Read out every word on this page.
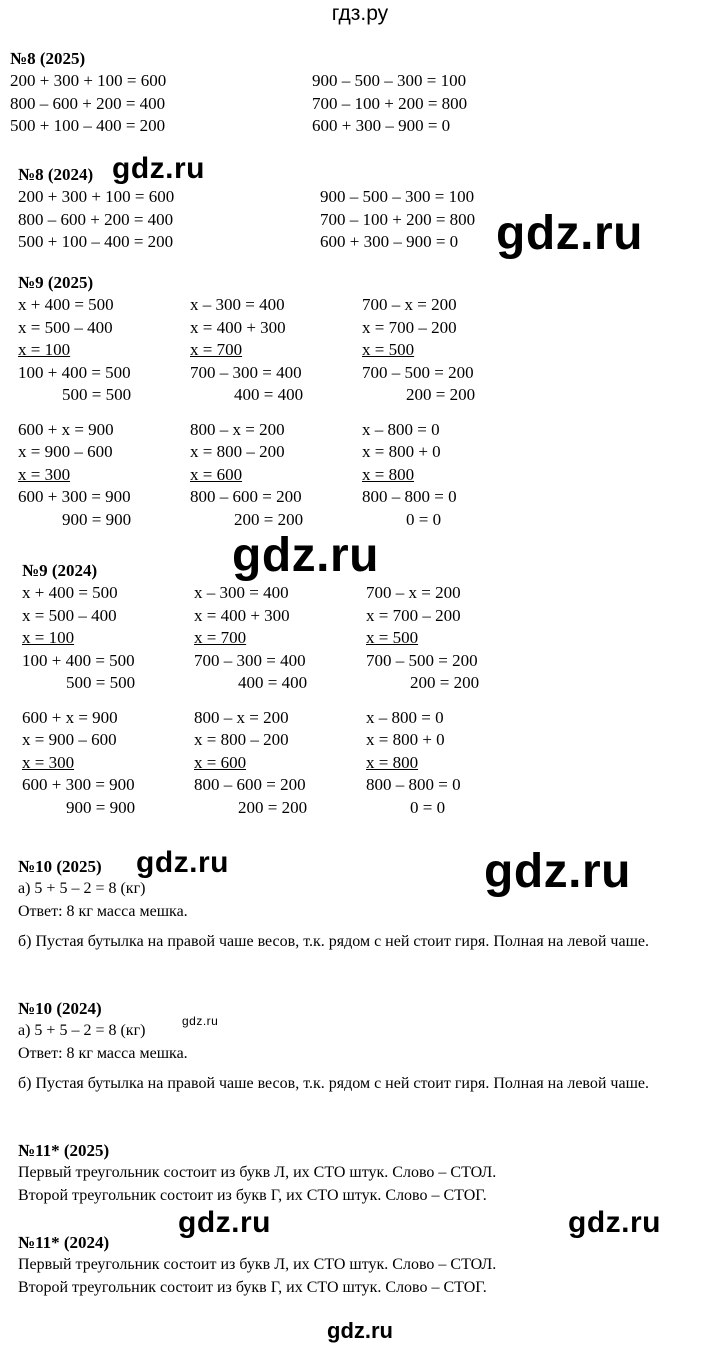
гдз.ру
№8 (2025)
200 + 300 + 100 = 600
800 – 600 + 200 = 400
500 + 100 – 400 = 200
900 – 500 – 300 = 100
700 – 100 + 200 = 800
600 + 300 – 900 = 0
№8 (2024)
200 + 300 + 100 = 600
800 – 600 + 200 = 400
500 + 100 – 400 = 200
900 – 500 – 300 = 100
700 – 100 + 200 = 800
600 + 300 – 900 = 0
№9 (2025)
x + 400 = 500
x = 500 – 400
x = 100
100 + 400 = 500
500 = 500
600 + x = 900
x = 900 – 600
x = 300
600 + 300 = 900
900 = 900
x – 300 = 400
x = 400 + 300
x = 700
700 – 300 = 400
400 = 400
800 – x = 200
x = 800 – 200
x = 600
800 – 600 = 200
200 = 200
700 – x = 200
x = 700 – 200
x = 500
700 – 500 = 200
200 = 200
x – 800 = 0
x = 800 + 0
x = 800
800 – 800 = 0
0 = 0
№9 (2024)
x + 400 = 500
x = 500 – 400
x = 100
100 + 400 = 500
500 = 500
600 + x = 900
x = 900 – 600
x = 300
600 + 300 = 900
900 = 900
x – 300 = 400
x = 400 + 300
x = 700
700 – 300 = 400
400 = 400
800 – x = 200
x = 800 – 200
x = 600
800 – 600 = 200
200 = 200
700 – x = 200
x = 700 – 200
x = 500
700 – 500 = 200
200 = 200
x – 800 = 0
x = 800 + 0
x = 800
800 – 800 = 0
0 = 0
№10 (2025)
а) 5 + 5 – 2 = 8 (кг)
Ответ: 8 кг масса мешка.
б) Пустая бутылка на правой чаше весов, т.к. рядом с ней стоит гиря. Полная на левой чаше.
№10 (2024)
а) 5 + 5 – 2 = 8 (кг)
Ответ: 8 кг масса мешка.
б) Пустая бутылка на правой чаше весов, т.к. рядом с ней стоит гиря. Полная на левой чаше.
№11* (2025)
Первый треугольник состоит из букв Л, их СТО штук. Слово – СТОЛ.
Второй треугольник состоит из букв Г, их СТО штук. Слово – СТОГ.
№11* (2024)
Первый треугольник состоит из букв Л, их СТО штук. Слово – СТОЛ.
Второй треугольник состоит из букв Г, их СТО штук. Слово – СТОГ.
gdz.ru
gdz.ru
gdz.ru
gdz.ru	gdz.ru
gdz.ru
gdz.ru	gdz.ru
gdz.ru
